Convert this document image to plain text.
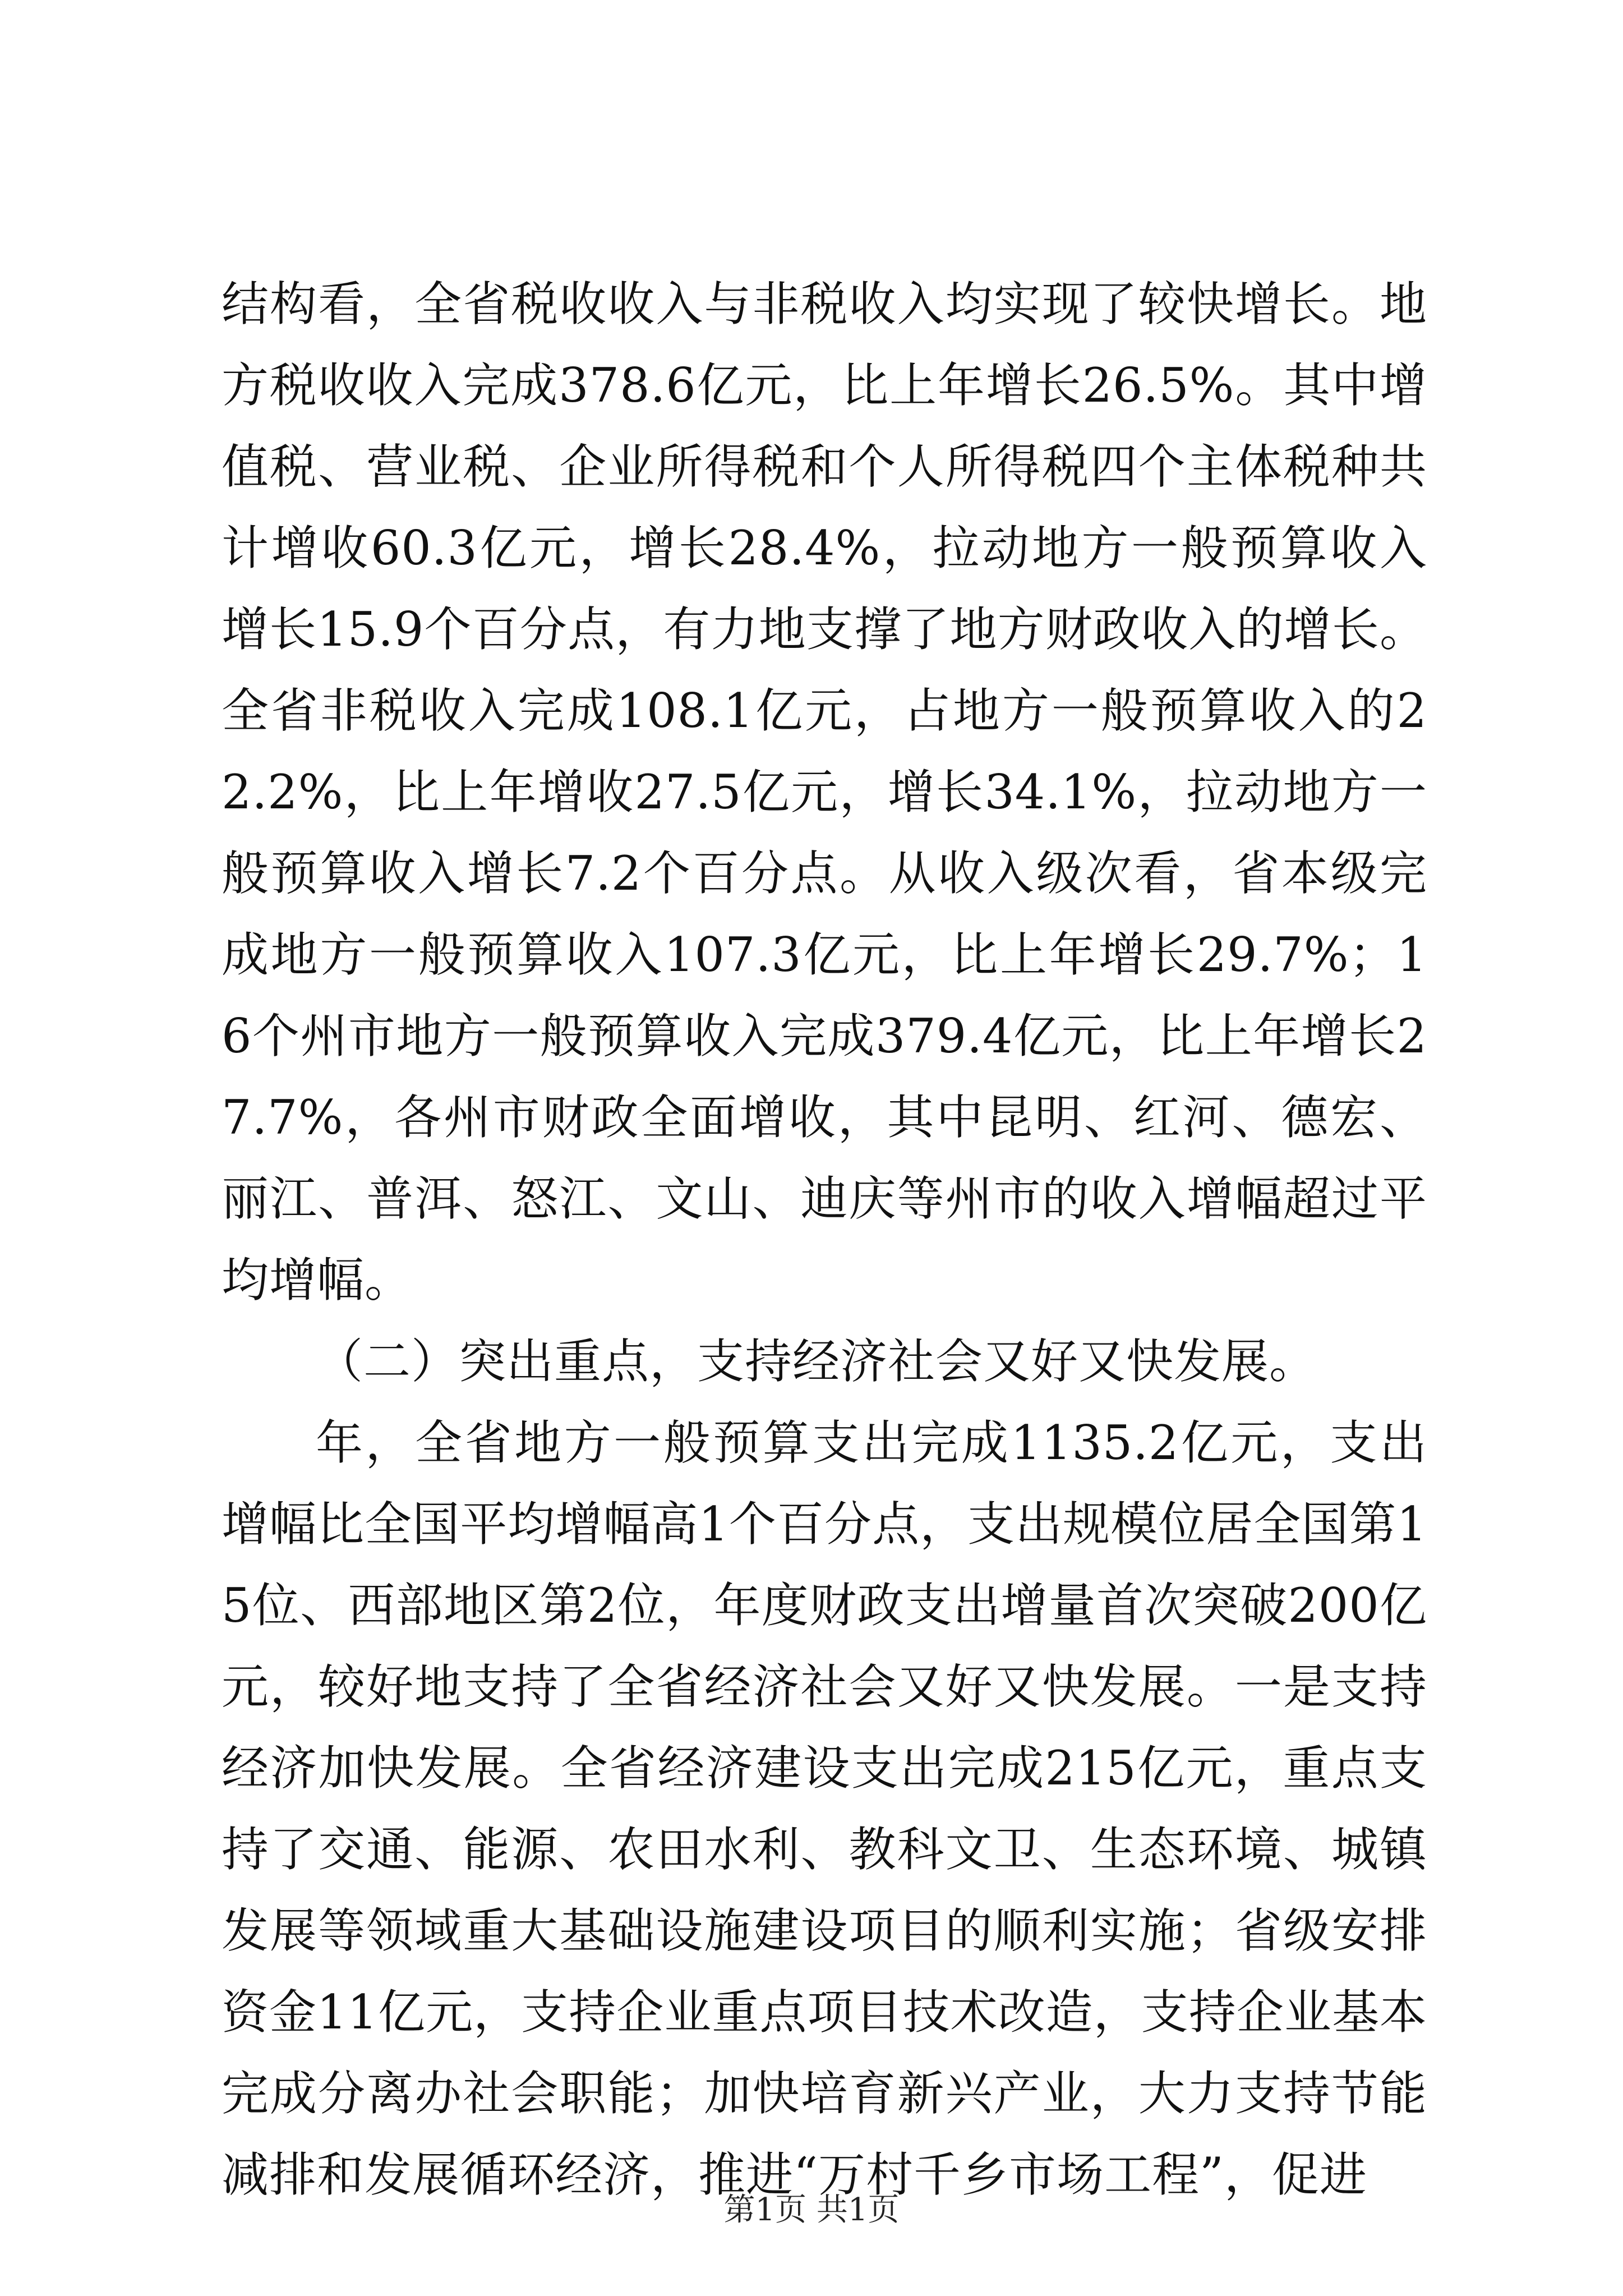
结构看，全省税收收入与非税收入均实现了较快增长。地方税收收入完成378.6亿元，比上年增长26.5%。其中增值税、营业税、企业所得税和个人所得税四个主体税种共计增收60.3亿元，增长28.4%，拉动地方一般预算收入增长15.9个百分点，有力地支撑了地方财政收入的增长。全省非税收入完成108.1亿元，占地方一般预算收入的22.2%，比上年增收27.5亿元，增长34.1%，拉动地方一般预算收入增长7.2个百分点。从收入级次看，省本级完成地方一般预算收入107.3亿元，比上年增长29.7%；16个州市地方一般预算收入完成379.4亿元，比上年增长27.7%，各州市财政全面增收，其中昆明、红河、德宏、丽江、普洱、怒江、文山、迪庆等州市的收入增幅超过平均增幅。

（二）突出重点，支持经济社会又好又快发展。

年，全省地方一般预算支出完成1135.2亿元，支出增幅比全国平均增幅高1个百分点，支出规模位居全国第15位、西部地区第2位，年度财政支出增量首次突破200亿元，较好地支持了全省经济社会又好又快发展。一是支持经济加快发展。全省经济建设支出完成215亿元，重点支持了交通、能源、农田水利、教科文卫、生态环境、城镇发展等领域重大基础设施建设项目的顺利实施；省级安排资金11亿元，支持企业重点项目技术改造，支持企业基本完成分离办社会职能；加快培育新兴产业，大力支持节能减排和发展循环经济，推进“万村千乡市场工程”，促进

第1页 共1页
